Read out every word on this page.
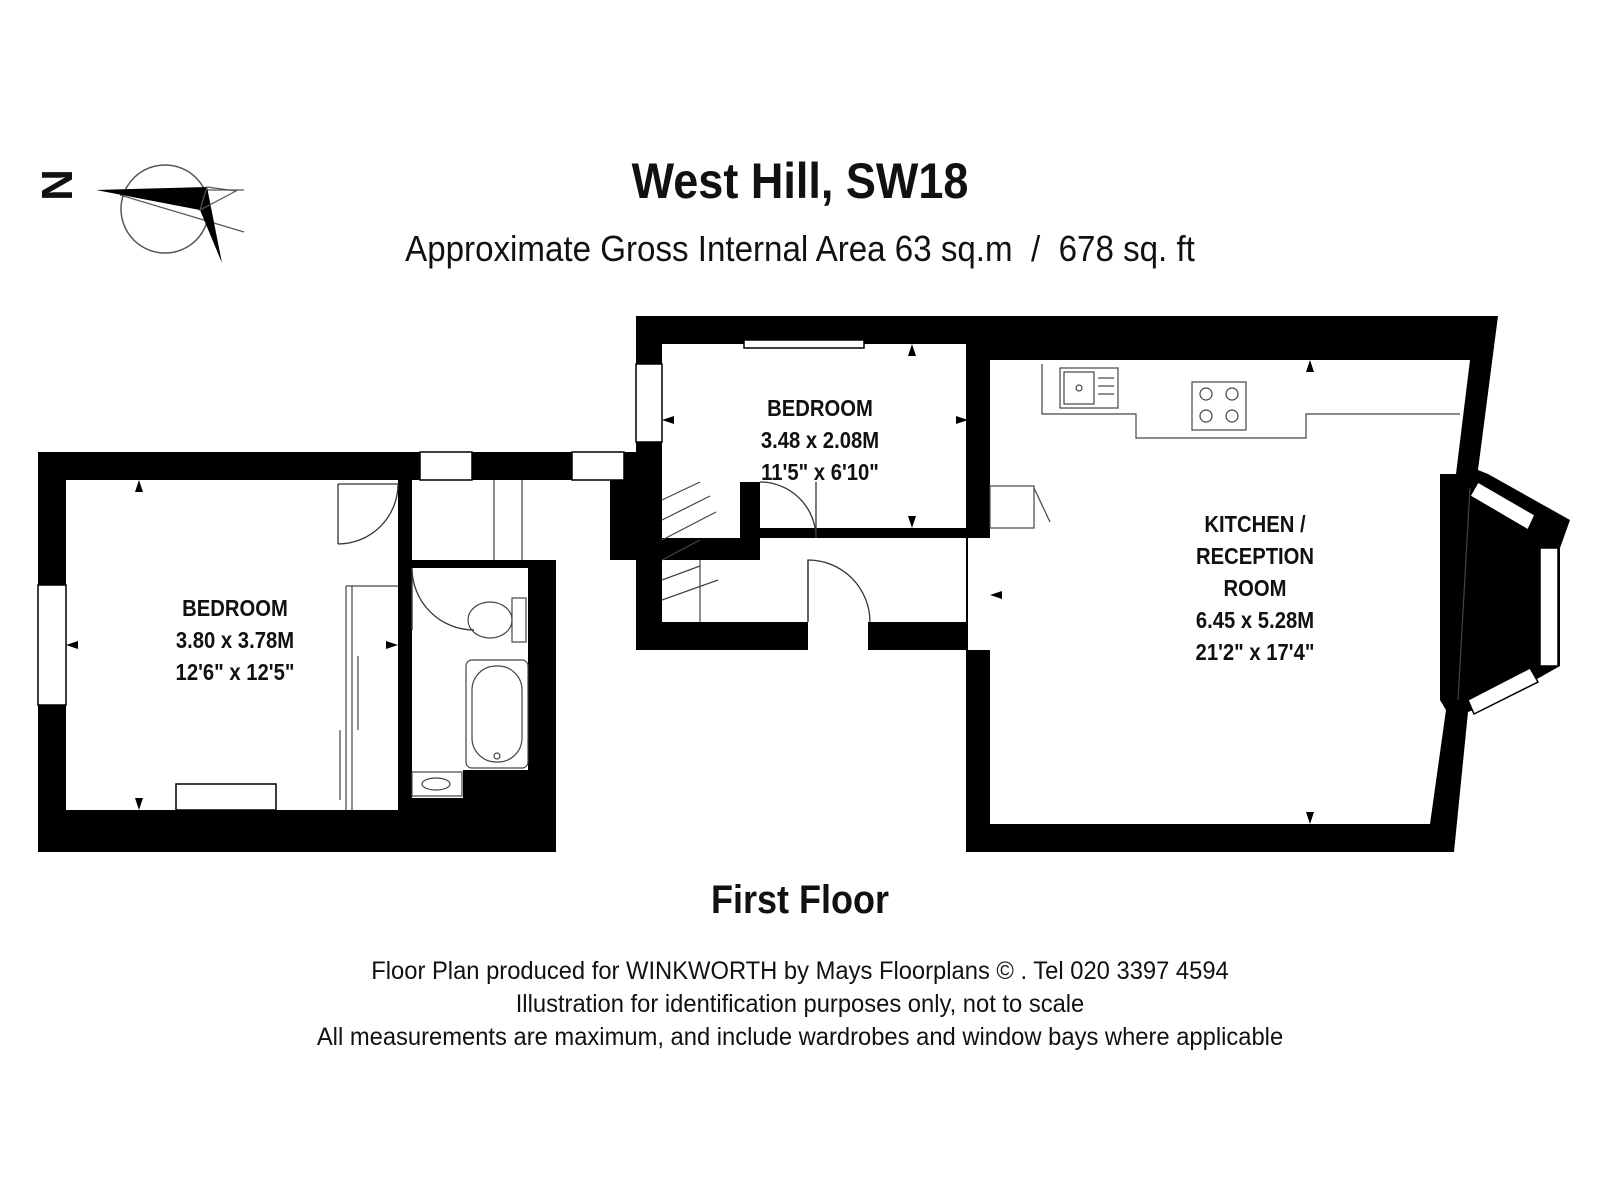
West Hill, SW18
Approximate Gross Internal Area 63 sq.m  /  678 sq. ft
BEDROOM
3.80 x 3.78M
12'6" x 12'5"
BEDROOM
3.48 x 2.08M
11'5" x 6'10"
KITCHEN /
RECEPTION
ROOM
6.45 x 5.28M
21'2" x 17'4"
N
First Floor
Floor Plan produced for WINKWORTH by Mays Floorplans © . Tel 020 3397 4594
Illustration for identification purposes only, not to scale
All measurements are maximum, and include wardrobes and window bays where applicable
